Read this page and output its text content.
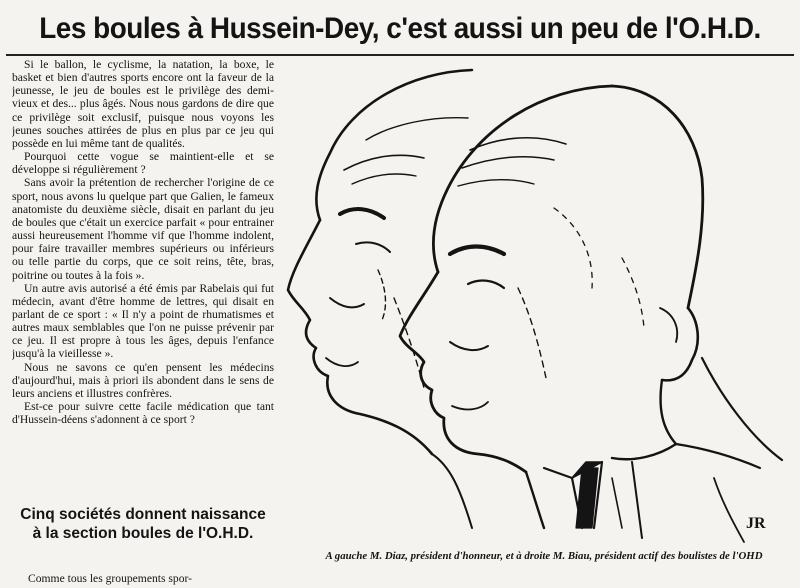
Les boules à Hussein-Dey, c'est aussi un peu de l'O.H.D.

Si le ballon, le cyclisme, la natation, la boxe, le basket et bien d'autres sports encore ont la faveur de la jeunesse, le jeu de boules est le privilège des demi-vieux et des... plus âgés. Nous nous gardons de dire que ce privilège soit exclusif, puisque nous voyons les jeunes souches attirées de plus en plus par ce jeu qui possède en lui même tant de qualités.

Pourquoi cette vogue se maintient-elle et se développe si régulièrement ?

Sans avoir la prétention de rechercher l'origine de ce sport, nous avons lu quelque part que Galien, le fameux anatomiste du deuxième siècle, disait en parlant du jeu de boules que c'était un exercice parfait « pour entrainer aussi heureusement l'homme vif que l'homme indolent, pour faire travailler membres supérieurs ou inférieurs ou telle partie du corps, que ce soit reins, tête, bras, poitrine ou toutes à la fois ».

Un autre avis autorisé a été émis par Rabelais qui fut médecin, avant d'être homme de lettres, qui disait en parlant de ce sport : « Il n'y a point de rhumatismes et autres maux semblables que l'on ne puisse prévenir par ce jeu. Il est propre à tous les âges, depuis l'enfance jusqu'à la vieillesse ».

Nous ne savons ce qu'en pensent les médecins d'aujourd'hui, mais à priori ils abondent dans le sens de leurs anciens et illustres confrères.

Est-ce pour suivre cette facile médication que tant d'Hussein-déens s'adonnent à ce sport ?

Cinq sociétés donnent naissance à la section boules de l'O.H.D.
Comme tous les groupements spor-
JR
A gauche M. Diaz, président d'honneur, et à droite M. Biau, président actif des boulistes de l'OHD
